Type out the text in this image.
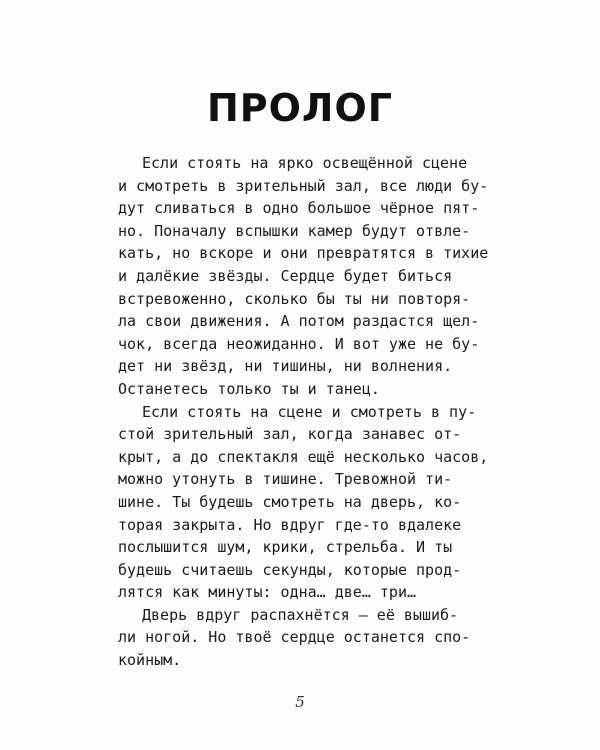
ПРОЛОГ
Если стоять на ярко освещённой сцене
и смотреть в зрительный зал, все люди бу-
дут сливаться в одно большое чёрное пят-
но. Поначалу вспышки камер будут отвле-
кать, но вскоре и они превратятся в тихие
и далёкие звёзды. Сердце будет биться
встревоженно, сколько бы ты ни повторя-
ла свои движения. А потом раздастся щел-
чок, всегда неожиданно. И вот уже не бу-
дет ни звёзд, ни тишины, ни волнения.
Останетесь только ты и танец.
Если стоять на сцене и смотреть в пу-
стой зрительный зал, когда занавес от-
крыт, а до спектакля ещё несколько часов,
можно утонуть в тишине. Тревожной ти-
шине. Ты будешь смотреть на дверь, ко-
торая закрыта. Но вдруг где-то вдалеке
послышится шум, крики, стрельба. И ты
будешь считаешь секунды, которые прод-
лятся как минуты: одна… две… три…
Дверь вдруг распахнётся — её вышиб-
ли ногой. Но твоё сердце останется спо-
койным.
5
